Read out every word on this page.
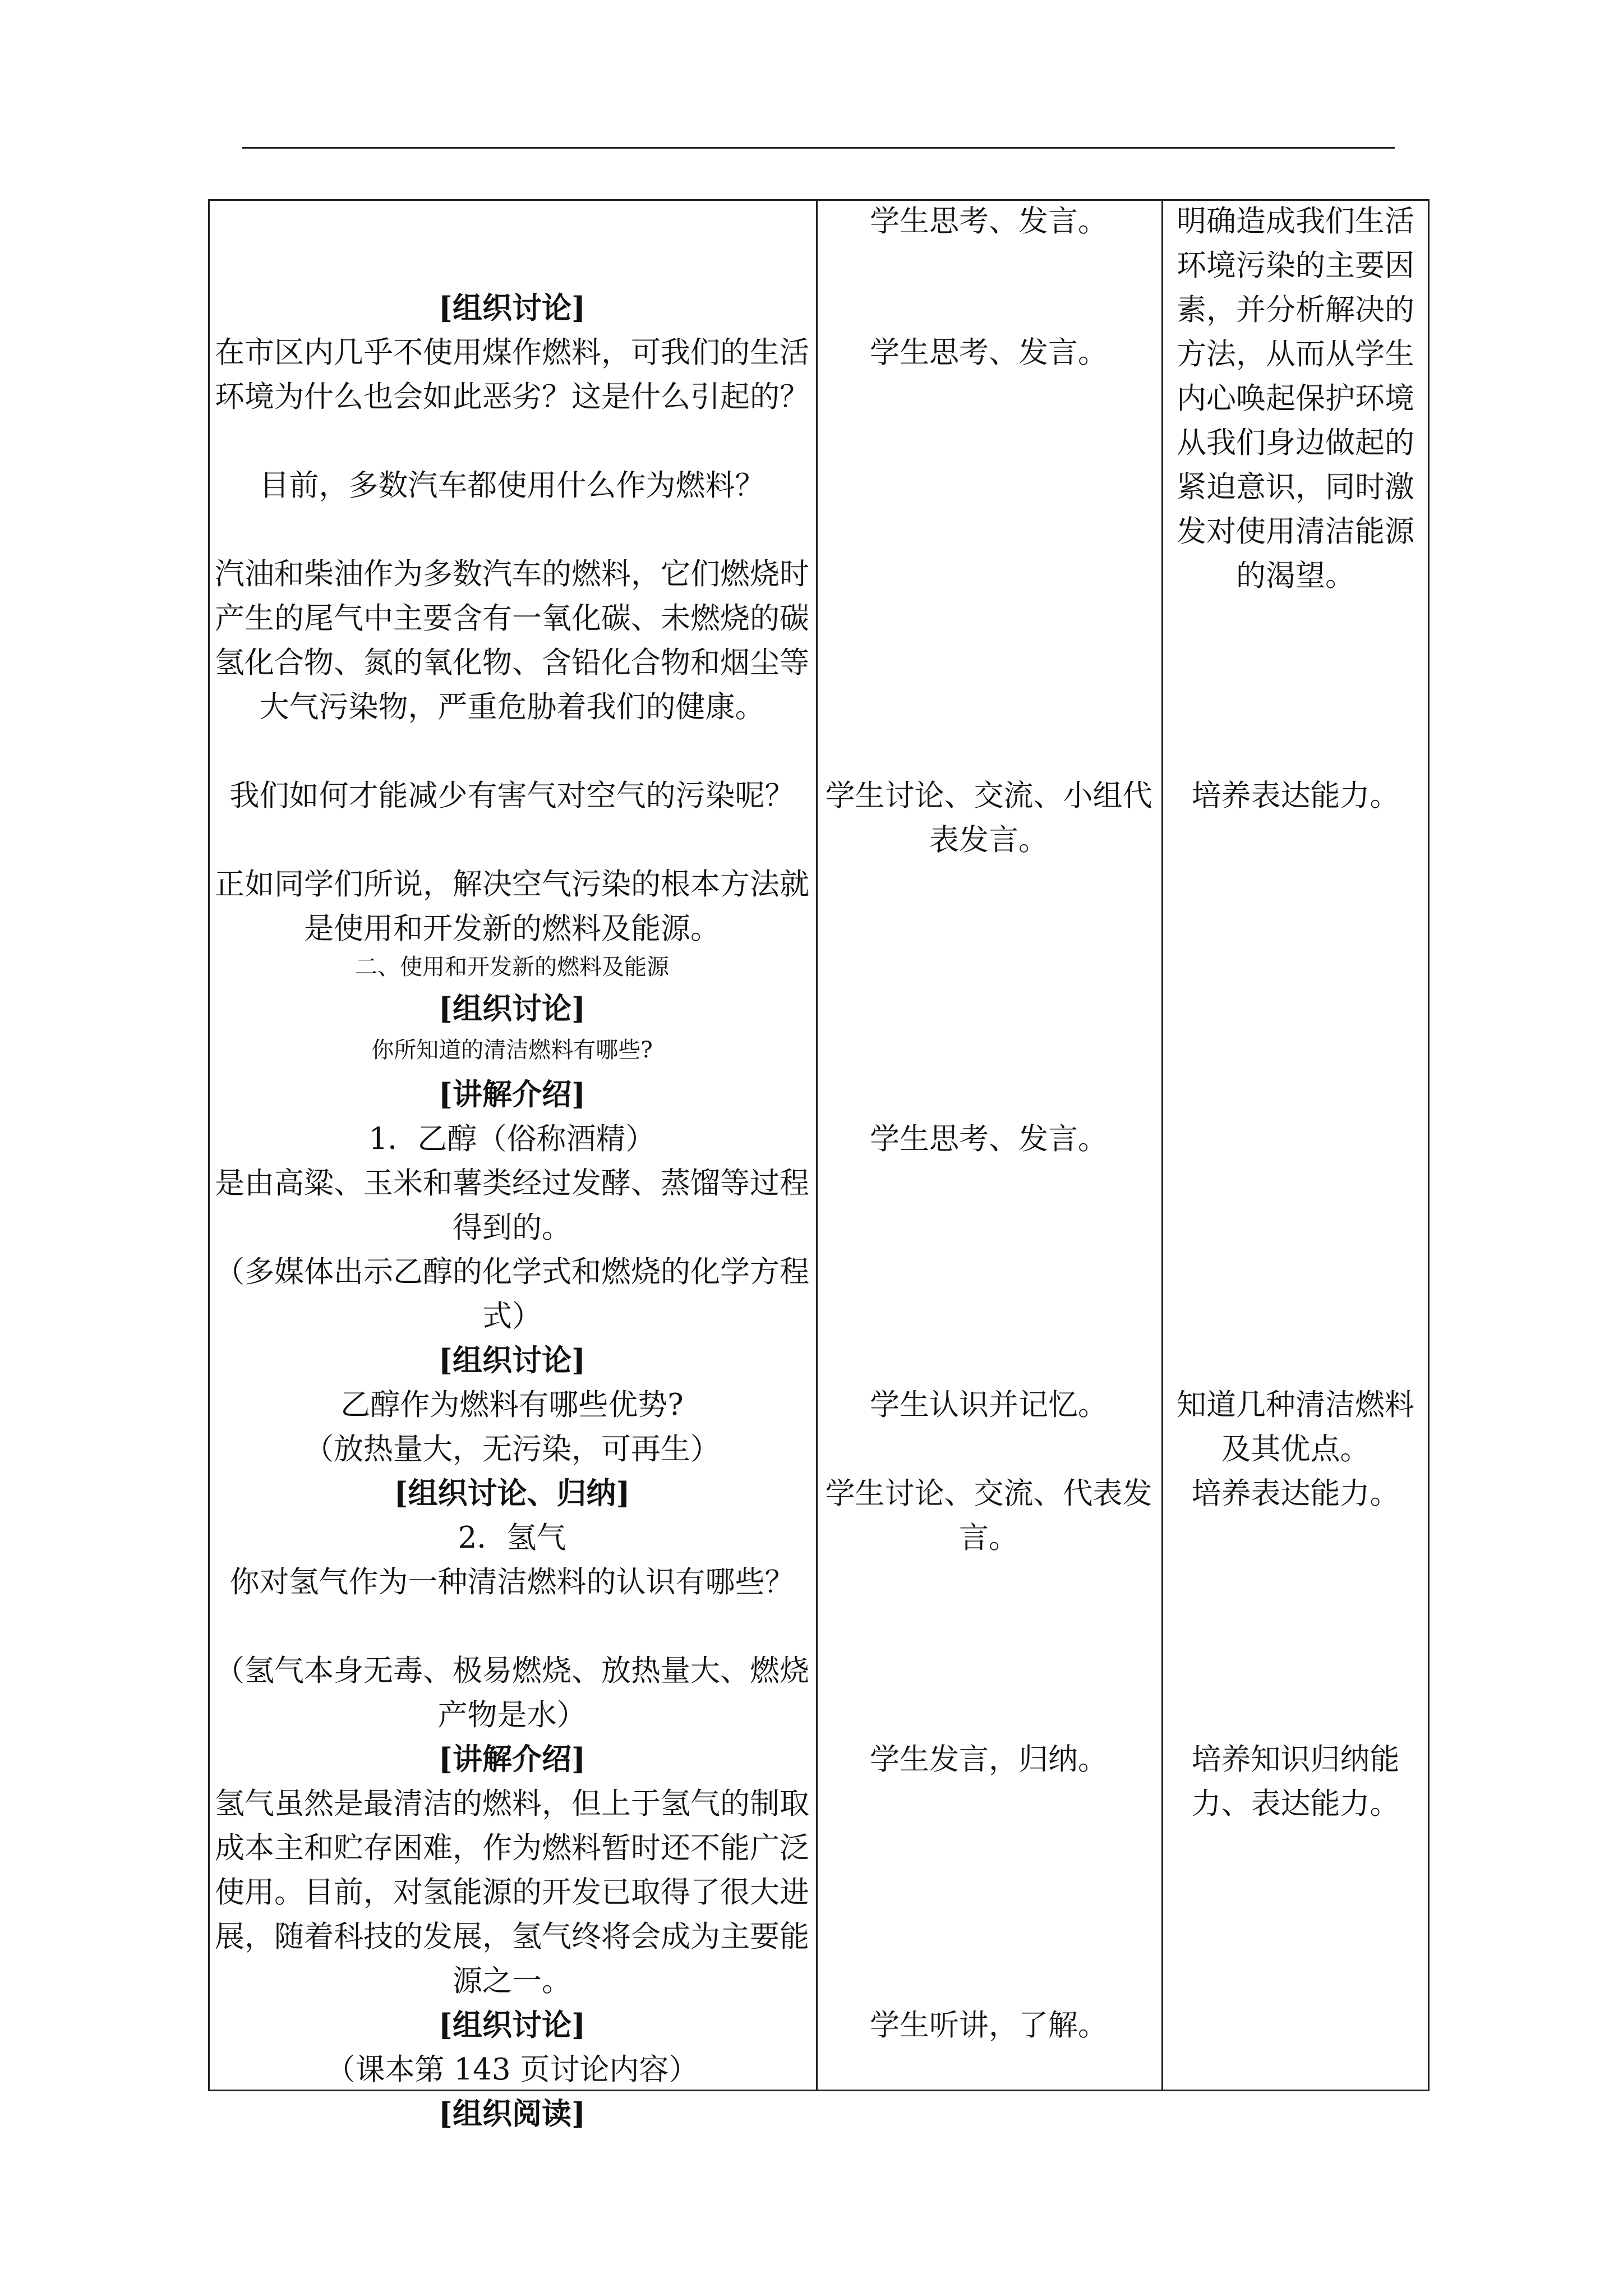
[组织讨论]
在市区内几乎不使用煤作燃料，可我们的生活环境为什么也会如此恶劣？这是什么引起的？
目前，多数汽车都使用什么作为燃料？
汽油和柴油作为多数汽车的燃料，它们燃烧时产生的尾气中主要含有一氧化碳、未燃烧的碳氢化合物、氮的氧化物、含铅化合物和烟尘等大气污染物，严重危胁着我们的健康。
我们如何才能减少有害气对空气的污染呢？
正如同学们所说，解决空气污染的根本方法就是使用和开发新的燃料及能源。
二、使用和开发新的燃料及能源
[组织讨论]
你所知道的清洁燃料有哪些?
[讲解介绍]
1．乙醇（俗称酒精）
是由高粱、玉米和薯类经过发酵、蒸馏等过程得到的。
（多媒体出示乙醇的化学式和燃烧的化学方程式）
[组织讨论]
乙醇作为燃料有哪些优势?
（放热量大，无污染，可再生）
[组织讨论、归纳]
2．氢气
你对氢气作为一种清洁燃料的认识有哪些？
（氢气本身无毒、极易燃烧、放热量大、燃烧产物是水）
[讲解介绍]
氢气虽然是最清洁的燃料，但上于氢气的制取成本主和贮存困难，作为燃料暂时还不能广泛使用。目前，对氢能源的开发已取得了很大进展，随着科技的发展，氢气终将会成为主要能源之一。
[组织讨论]
（课本第 143 页讨论内容）
[组织阅读]
学生思考、发言。
学生思考、发言。
学生讨论、交流、小组代表发言。
学生思考、发言。
学生认识并记忆。
学生讨论、交流、代表发言。
学生发言，归纳。
学生听讲，了解。
明确造成我们生活环境污染的主要因素，并分析解决的方法，从而从学生内心唤起保护环境从我们身边做起的紧迫意识，同时激发对使用清洁能源的渴望。
培养表达能力。
知道几种清洁燃料及其优点。
培养表达能力。
培养知识归纳能力、表达能力。
